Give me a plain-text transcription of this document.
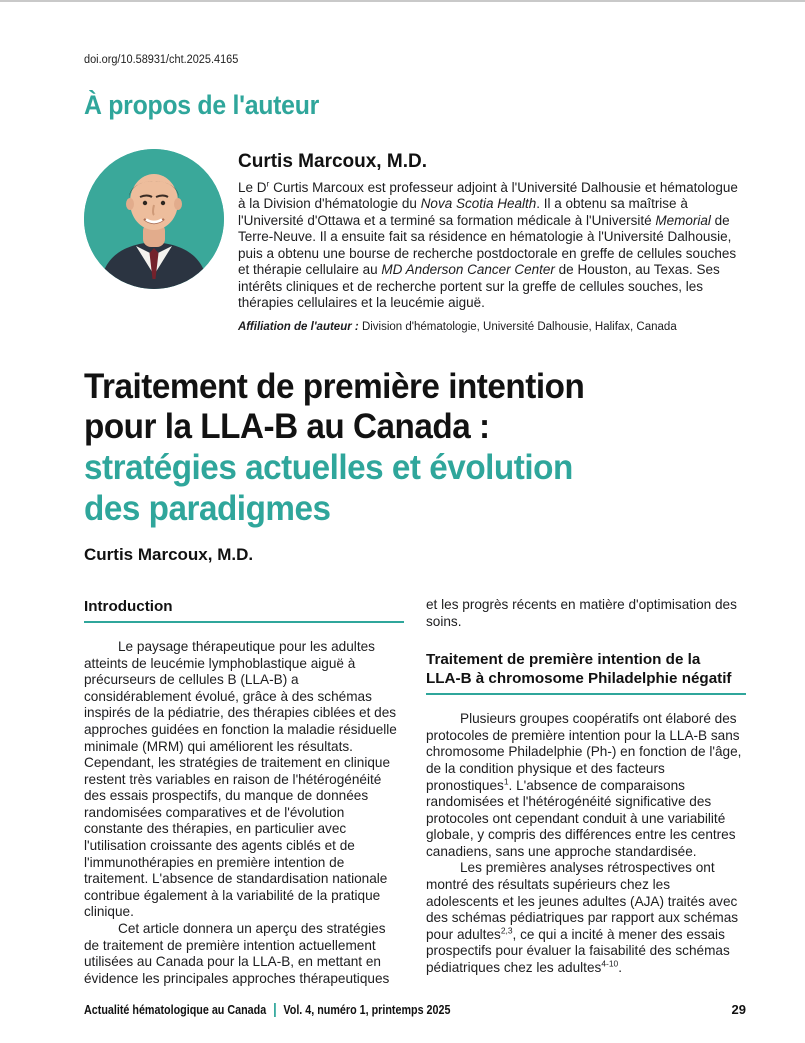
doi.org/10.58931/cht.2025.4165
À propos de l'auteur
Curtis Marcoux, M.D.

Le $D^r$ Curtis Marcoux est professeur adjoint à l'Université Dalhousie et hématologue à la Division d'hématologie du Nova Scotia Health. Il a obtenu sa maîtrise à l'Université d'Ottawa et a terminé sa formation médicale à l'Université Memorial de Terre-Neuve. Il a ensuite fait sa résidence en hématologie à l'Université Dalhousie, puis a obtenu une bourse de recherche postdoctorale en greffe de cellules souches et thérapie cellulaire au MD Anderson Cancer Center de Houston, au Texas. Ses intérêts cliniques et de recherche portent sur la greffe de cellules souches, les thérapies cellulaires et la leucémie aiguë.

Affiliation de l'auteur : Division d'hématologie, Université Dalhousie, Halifax, Canada

Traitement de première intention
pour la LLA-B au Canada :
stratégies actuelles et évolution
des paradigmes
Curtis Marcoux, M.D.
Introduction

Le paysage thérapeutique pour les adultes atteints de leucémie lymphoblastique aiguë à précurseurs de cellules B (LLA-B) a considérablement évolué, grâce à des schémas inspirés de la pédiatrie, des thérapies ciblées et des approches guidées en fonction la maladie résiduelle minimale (MRM) qui améliorent les résultats. Cependant, les stratégies de traitement en clinique restent très variables en raison de l'hétérogénéité des essais prospectifs, du manque de données randomisées comparatives et de l'évolution constante des thérapies, en particulier avec l'utilisation croissante des agents ciblés et de l'immunothérapies en première intention de traitement. L'absence de standardisation nationale contribue également à la variabilité de la pratique clinique.

Cet article donnera un aperçu des stratégies de traitement de première intention actuellement utilisées au Canada pour la LLA-B, en mettant en évidence les principales approches thérapeutiques

et les progrès récents en matière d'optimisation des soins.

Traitement de première intention de la
LLA-B à chromosome Philadelphie négatif

Plusieurs groupes coopératifs ont élaboré des protocoles de première intention pour la LLA-B sans chromosome Philadelphie (Ph-) en fonction de l'âge, de la condition physique et des facteurs pronostiques$^1$. L'absence de comparaisons randomisées et l'hétérogénéité significative des protocoles ont cependant conduit à une variabilité globale, y compris des différences entre les centres canadiens, sans une approche standardisée.

Les premières analyses rétrospectives ont montré des résultats supérieurs chez les adolescents et les jeunes adultes (AJA) traités avec des schémas pédiatriques par rapport aux schémas pour adultes$^{2,3}$, ce qui a incité à mener des essais prospectifs pour évaluer la faisabilité des schémas pédiatriques chez les adultes$^{4-10}$.

Actualité hématologique au Canada Vol. 4, numéro 1, printemps 2025	29
